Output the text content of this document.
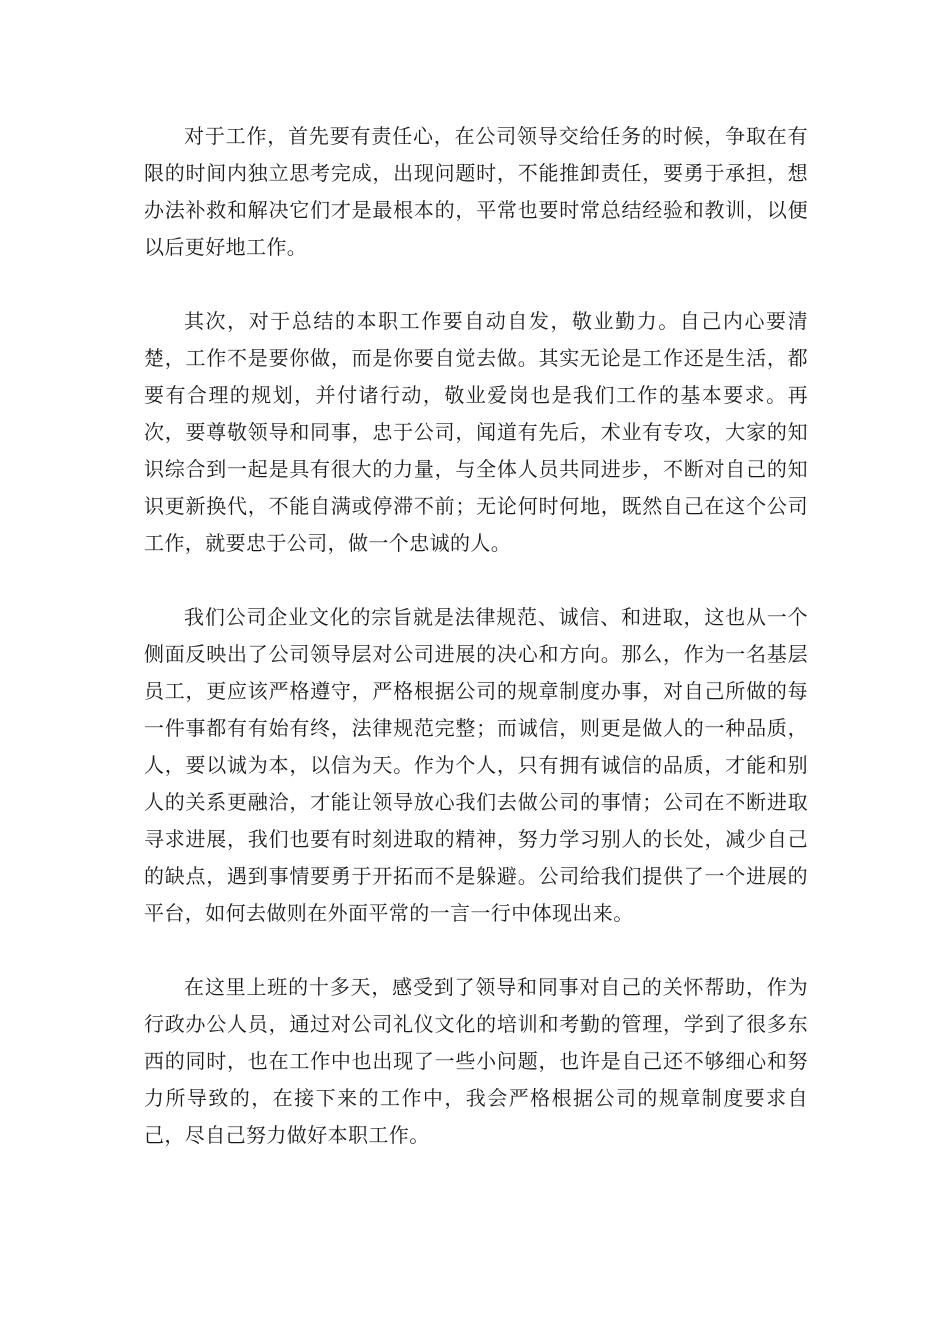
对于工作，首先要有责任心，在公司领导交给任务的时候，争取在有限的时间内独立思考完成，出现问题时，不能推卸责任，要勇于承担，想办法补救和解决它们才是最根本的，平常也要时常总结经验和教训，以便以后更好地工作。

其次，对于总结的本职工作要自动自发，敬业勤力。自己内心要清楚，工作不是要你做，而是你要自觉去做。其实无论是工作还是生活，都要有合理的规划，并付诸行动，敬业爱岗也是我们工作的基本要求。再次，要尊敬领导和同事，忠于公司，闻道有先后，术业有专攻，大家的知识综合到一起是具有很大的力量，与全体人员共同进步，不断对自己的知识更新换代，不能自满或停滞不前；无论何时何地，既然自己在这个公司工作，就要忠于公司，做一个忠诚的人。

我们公司企业文化的宗旨就是法律规范、诚信、和进取，这也从一个侧面反映出了公司领导层对公司进展的决心和方向。那么，作为一名基层员工，更应该严格遵守，严格根据公司的规章制度办事，对自己所做的每一件事都有有始有终，法律规范完整；而诚信，则更是做人的一种品质，人，要以诚为本，以信为天。作为个人，只有拥有诚信的品质，才能和别人的关系更融洽，才能让领导放心我们去做公司的事情；公司在不断进取寻求进展，我们也要有时刻进取的精神，努力学习别人的长处，减少自己的缺点，遇到事情要勇于开拓而不是躲避。公司给我们提供了一个进展的平台，如何去做则在外面平常的一言一行中体现出来。

在这里上班的十多天，感受到了领导和同事对自己的关怀帮助，作为行政办公人员，通过对公司礼仪文化的培训和考勤的管理，学到了很多东西的同时，也在工作中也出现了一些小问题，也许是自己还不够细心和努力所导致的，在接下来的工作中，我会严格根据公司的规章制度要求自己，尽自己努力做好本职工作。
